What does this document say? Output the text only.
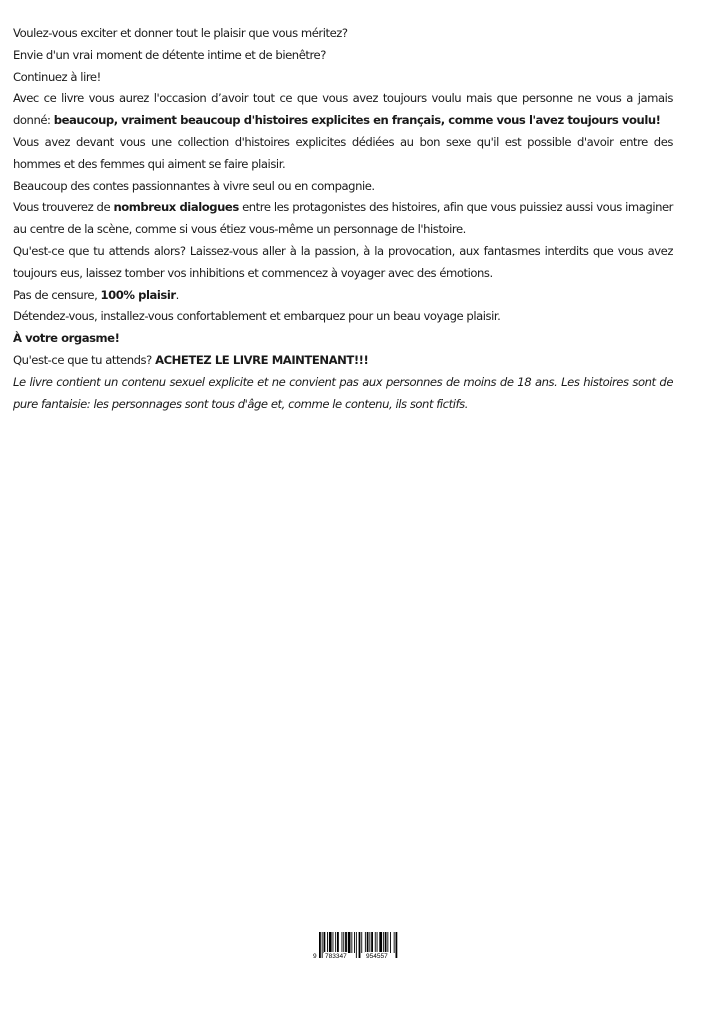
Voulez-vous exciter et donner tout le plaisir que vous méritez?

Envie d'un vrai moment de détente intime et de bienêtre?

Continuez à lire!

Avec ce livre vous aurez l'occasion d’avoir tout ce que vous avez toujours voulu mais que personne ne vous a jamais donné: beaucoup, vraiment beaucoup d'histoires explicites en français, comme vous l'avez toujours voulu!

Vous avez devant vous une collection d'histoires explicites dédiées au bon sexe qu'il est possible d'avoir entre des hommes et des femmes qui aiment se faire plaisir.

Beaucoup des contes passionnantes à vivre seul ou en compagnie.

Vous trouverez de nombreux dialogues entre les protagonistes des histoires, afin que vous puissiez aussi vous imaginer au centre de la scène, comme si vous étiez vous-même un personnage de l'histoire.

Qu'est-ce que tu attends alors? Laissez-vous aller à la passion, à la provocation, aux fantasmes interdits que vous avez toujours eus, laissez tomber vos inhibitions et commencez à voyager avec des émotions.

Pas de censure, 100% plaisir.

Détendez-vous, installez-vous confortablement et embarquez pour un beau voyage plaisir.

À votre orgasme!

Qu'est-ce que tu attends? ACHETEZ LE LIVRE MAINTENANT!!!

Le livre contient un contenu sexuel explicite et ne convient pas aux personnes de moins de 18 ans. Les histoires sont de pure fantaisie: les personnages sont tous d'âge et, comme le contenu, ils sont fictifs.

9 783347	954557
